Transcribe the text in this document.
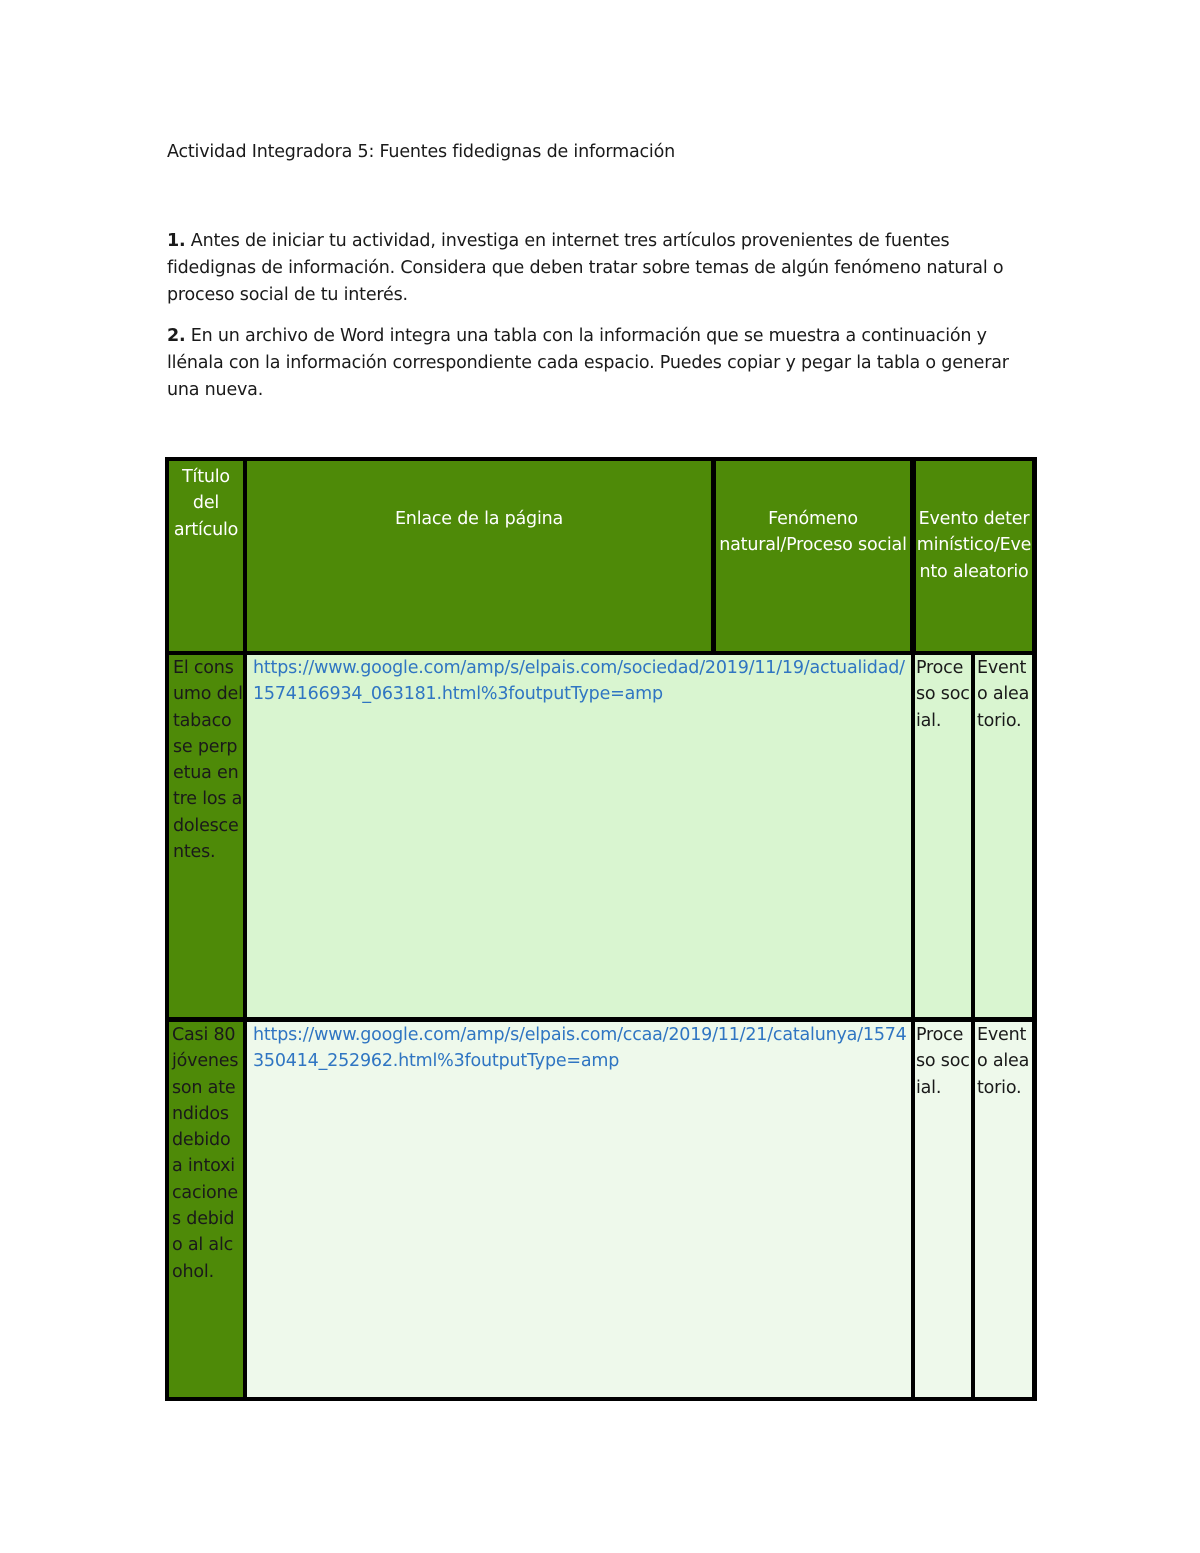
Actividad Integradora 5: Fuentes fidedignas de información
1. Antes de iniciar tu actividad, investiga en internet tres artículos provenientes de fuentes fidedignas de información. Considera que deben tratar sobre temas de algún fenómeno natural o proceso social de tu interés.
2. En un archivo de Word integra una tabla con la información que se muestra a continuación y llénala con la información correspondiente cada espacio. Puedes copiar y pegar la tabla o generar una nueva.
Título del artículo
Enlace de la página	Fenómeno natural/Proceso social
Evento determinístico/Evento aleatorio
El consumo del tabaco se perpetua entre los adolescentes.
https://www.google.com/amp/s/elpais.com/sociedad/2019/11/19/actualidad/1574166934_063181.html%3foutputType=amp
Proceso social.
Evento aleatorio.
Casi 80 jóvenes son atendidos debido a intoxicaciones debido al alcohol.
https://www.google.com/amp/s/elpais.com/ccaa/2019/11/21/catalunya/1574350414_252962.html%3foutputType=amp
Proceso social.
Evento aleatorio.
